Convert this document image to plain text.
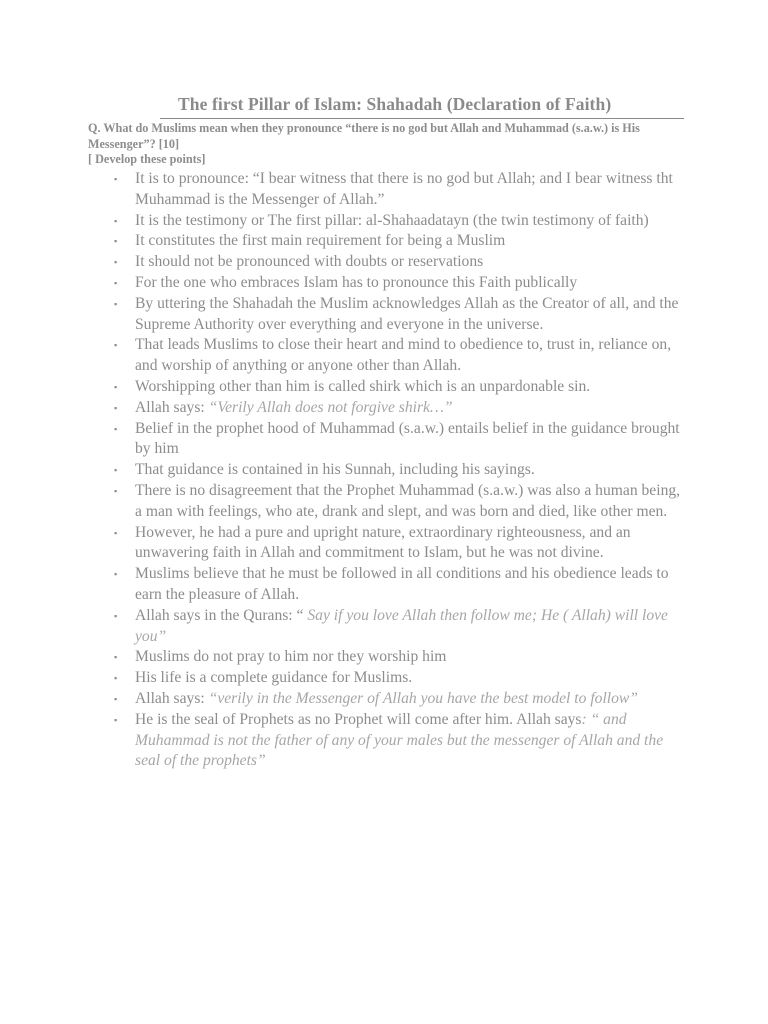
The first Pillar of Islam: Shahadah (Declaration of Faith)
Q. What do Muslims mean when they pronounce “there is no god but Allah and Muhammad (s.a.w.) is His Messenger”? [10]
[ Develop these points]
▪ It is to pronounce: “I bear witness that there is no god but Allah; and I bear witness tht Muhammad is the Messenger of Allah.”
▪ It is the testimony or The first pillar: al-Shahaadatayn (the twin testimony of faith)
▪ It constitutes the first main requirement for being a Muslim
▪ It should not be pronounced with doubts or reservations
▪ For the one who embraces Islam has to pronounce this Faith publically
▪ By uttering the Shahadah the Muslim acknowledges Allah as the Creator of all, and the Supreme Authority over everything and everyone in the universe.
▪ That leads Muslims to close their heart and mind to obedience to, trust in, reliance on, and worship of anything or anyone other than Allah.
▪ Worshipping other than him is called shirk which is an unpardonable sin.
▪ Allah says: “Verily Allah does not forgive shirk…”
▪ Belief in the prophet hood of Muhammad (s.a.w.) entails belief in the guidance brought by him
▪ That guidance is contained in his Sunnah, including his sayings.
▪ There is no disagreement that the Prophet Muhammad (s.a.w.) was also a human being, a man with feelings, who ate, drank and slept, and was born and died, like other men.
▪ However, he had a pure and upright nature, extraordinary righteousness, and an unwavering faith in Allah and commitment to Islam, but he was not divine.
▪ Muslims believe that he must be followed in all conditions and his obedience leads to earn the pleasure of Allah.
▪ Allah says in the Qurans: “ Say if you love Allah then follow me; He ( Allah) will love you”
▪ Muslims do not pray to him nor they worship him
▪ His life is a complete guidance for Muslims.
▪ Allah says: “verily in the Messenger of Allah you have the best model to follow”
▪ He is the seal of Prophets as no Prophet will come after him. Allah says: “ and Muhammad is not the father of any of your males but the messenger of Allah and the seal of the prophets”
